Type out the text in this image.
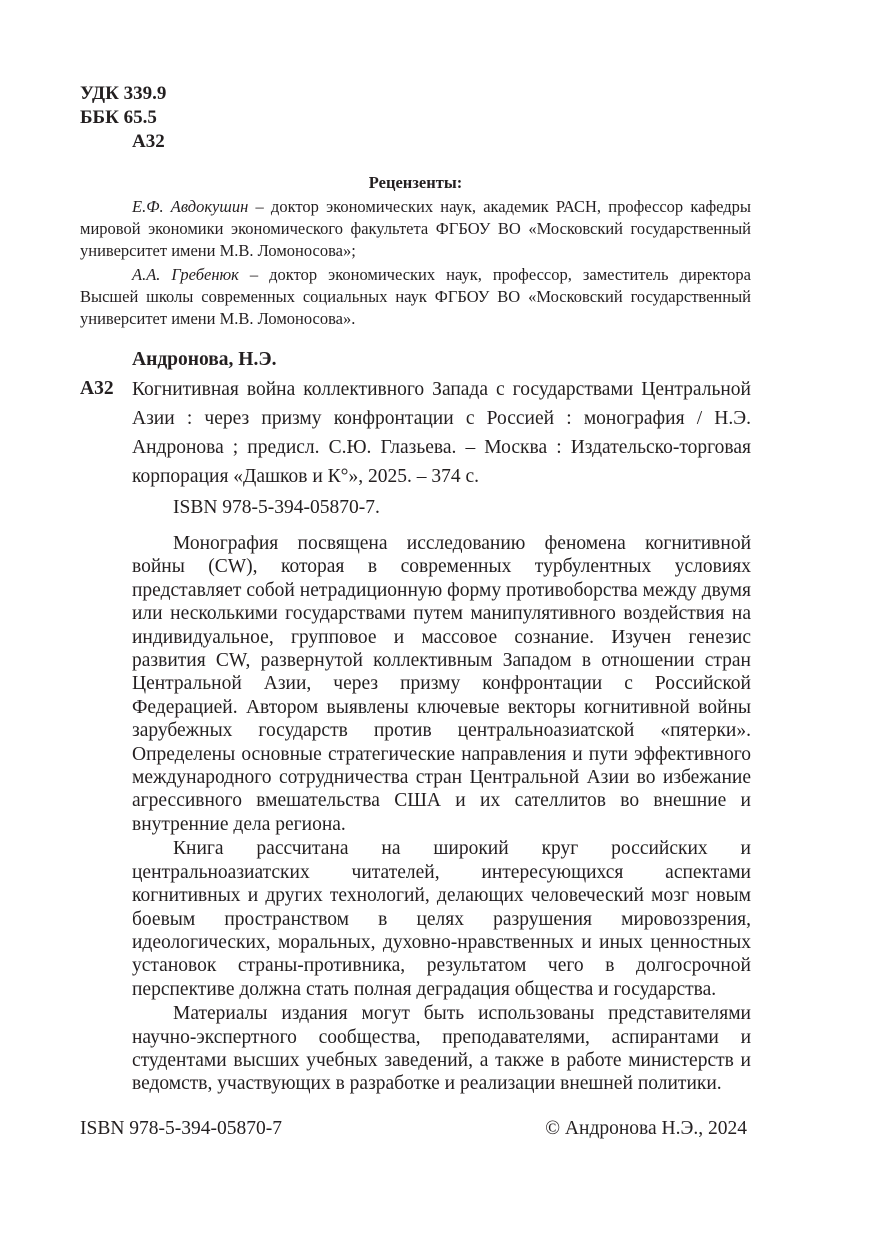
УДК 339.9
ББК 65.5
А32
Рецензенты:

Е.Ф. Авдокушин – доктор экономических наук, академик РАСН, профессор кафедры мировой экономики экономического факультета ФГБОУ ВО «Московский государственный университет имени М.В. Ломоносова»;

А.А. Гребенюк – доктор экономических наук, профессор, заместитель директора Высшей школы современных социальных наук ФГБОУ ВО «Московский государственный университет имени М.В. Ломоносова».

Андронова, Н.Э.
А32 Когнитивная война коллективного Запада с государствами Центральной Азии : через призму конфронтации с Россией : монография / Н.Э. Андронова ; предисл. С.Ю. Глазьева. – Москва : Издательско-торговая корпорация «Дашков и К°», 2025. – 374 с.
ISBN 978-5-394-05870-7.

Монография посвящена исследованию феномена когнитивной войны (CW), которая в современных турбулентных условиях представляет собой нетрадиционную форму противоборства между двумя или несколькими государствами путем манипулятивного воздействия на индивидуальное, групповое и массовое сознание. Изучен генезис развития CW, развернутой коллективным Западом в отношении стран Центральной Азии, через призму конфронтации с Российской Федерацией. Автором выявлены ключевые векторы когнитивной войны зарубежных государств против центральноазиатской «пятерки». Определены основные стратегические направления и пути эффективного международного сотрудничества стран Центральной Азии во избежание агрессивного вмешательства США и их сателлитов во внешние и внутренние дела региона.

Книга рассчитана на широкий круг российских и центральноазиатских читателей, интересующихся аспектами когнитивных и других технологий, делающих человеческий мозг новым боевым пространством в целях разрушения мировоззрения, идеологических, моральных, духовно-нравственных и иных ценностных установок страны-противника, результатом чего в долгосрочной перспективе должна стать полная деградация общества и государства.

Материалы издания могут быть использованы представителями научно-экспертного сообщества, преподавателями, аспирантами и студентами высших учебных заведений, а также в работе министерств и ведомств, участвующих в разработке и реализации внешней политики.

ISBN 978-5-394-05870-7	© Андронова Н.Э., 2024
